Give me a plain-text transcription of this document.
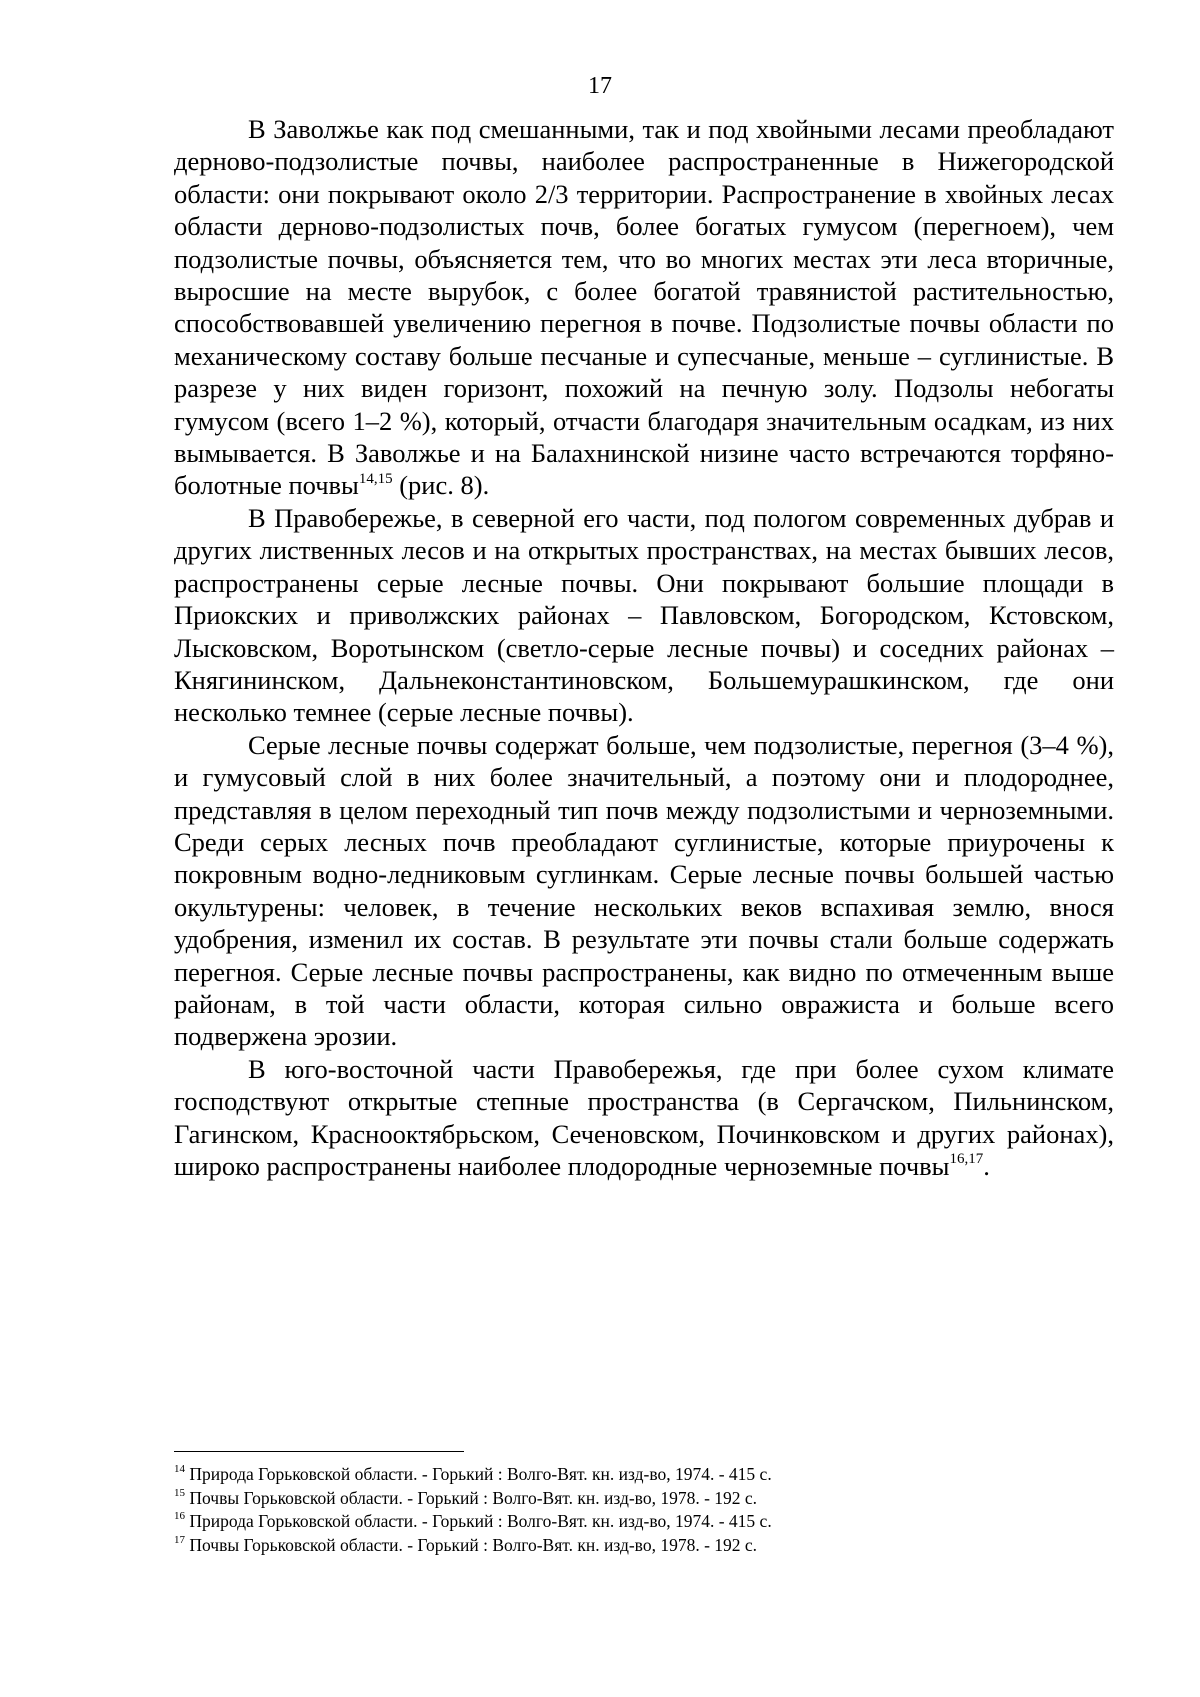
17

В Заволжье как под смешанными, так и под хвойными лесами преобладают дерново-подзолистые почвы, наиболее распространенные в Нижегородской области: они покрывают около 2/3 территории. Распространение в хвойных лесах области дерново-подзолистых почв, более богатых гумусом (перегноем), чем подзолистые почвы, объясняется тем, что во многих местах эти леса вторичные, выросшие на месте вырубок, с более богатой травянистой растительностью, способствовавшей увеличению перегноя в почве. Подзолистые почвы области по механическому составу больше песчаные и супесчаные, меньше – суглинистые. В разрезе у них виден горизонт, похожий на печную золу. Подзолы небогаты гумусом (всего 1–2 %), который, отчасти благодаря значительным осадкам, из них вымывается. В Заволжье и на Балахнинской низине часто встречаются торфяно-болотные почвы$^{14,15}$ (рис. 8).

В Правобережье, в северной его части, под пологом современных дубрав и других лиственных лесов и на открытых пространствах, на местах бывших лесов, распространены серые лесные почвы. Они покрывают большие площади в Приокских и приволжских районах – Павловском, Богородском, Кстовском, Лысковском, Воротынском (светло-серые лесные почвы) и соседних районах – Княгининском, Дальнеконстантиновском, Большемурашкинском, где они несколько темнее (серые лесные почвы).

Серые лесные почвы содержат больше, чем подзолистые, перегноя (3–4 %), и гумусовый слой в них более значительный, а поэтому они и плодороднее, представляя в целом переходный тип почв между подзолистыми и черноземными. Среди серых лесных почв преобладают суглинистые, которые приурочены к покровным водно-ледниковым суглинкам. Серые лесные почвы большей частью окультурены: человек, в течение нескольких веков вспахивая землю, внося удобрения, изменил их состав. В результате эти почвы стали больше содержать перегноя. Серые лесные почвы распространены, как видно по отмеченным выше районам, в той части области, которая сильно овражиста и больше всего подвержена эрозии.

В юго-восточной части Правобережья, где при более сухом климате господствуют открытые степные пространства (в Сергачском, Пильнинском, Гагинском, Краснооктябрьском, Сеченовском, Починковском и других районах), широко распространены наиболее плодородные черноземные почвы$^{16,17}$.

$^{14}$ Природа Горьковской области. - Горький : Волго-Вят. кн. изд-во, 1974. - 415 с.

$^{15}$ Почвы Горьковской области. - Горький : Волго-Вят. кн. изд-во, 1978. - 192 с.

$^{16}$ Природа Горьковской области. - Горький : Волго-Вят. кн. изд-во, 1974. - 415 с.

$^{17}$ Почвы Горьковской области. - Горький : Волго-Вят. кн. изд-во, 1978. - 192 с.
